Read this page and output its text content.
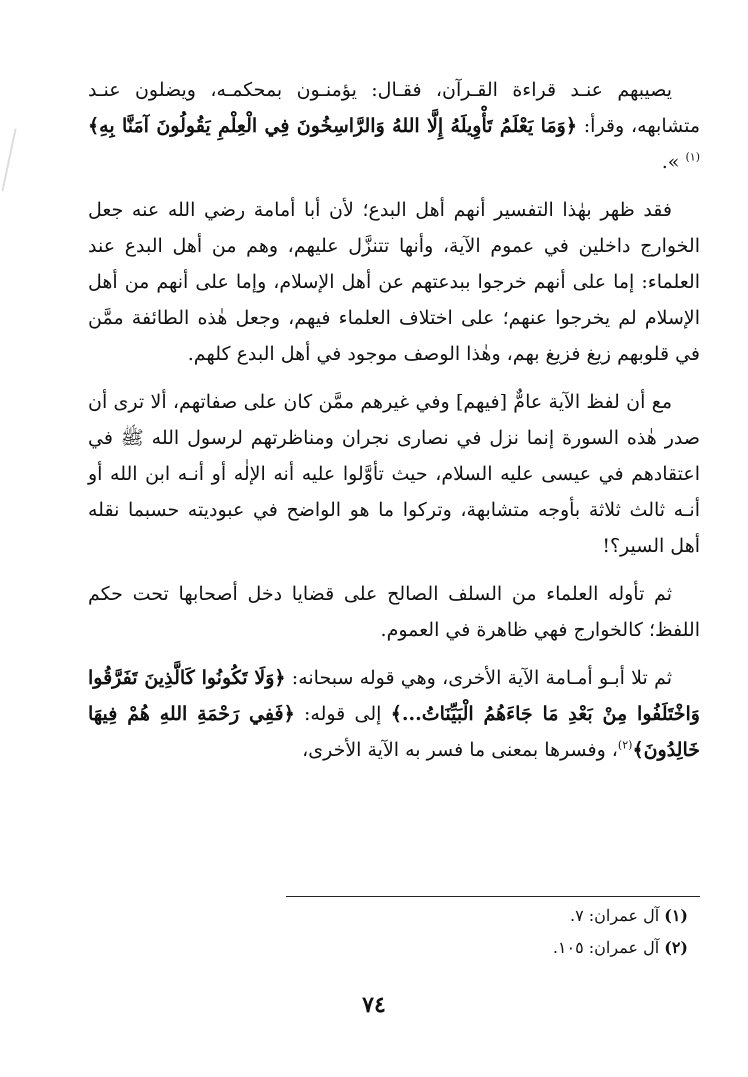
يصيبهم عنـد قراءة القـرآن، فقـال: يؤمنـون بمحكمـه، ويضلون عنـد متشابهه، وقرأ: ﴿وَمَا يَعْلَمُ تَأْوِيلَهُ إِلَّا اللهُ وَالرَّاسِخُونَ فِي الْعِلْمِ يَقُولُونَ آمَنَّا بِهِ﴾$^{(١)}$ ».

فقد ظهر بهٰذا التفسير أنهم أهل البدع؛ لأن أبا أمامة رضي الله عنه جعل الخوارج داخلين في عموم الآية، وأنها تتنزَّل عليهم، وهم من أهل البدع عند العلماء: إما على أنهم خرجوا ببدعتهم عن أهل الإسلام، وإما على أنهم من أهل الإسلام لم يخرجوا عنهم؛ على اختلاف العلماء فيهم، وجعل هٰذه الطائفة ممَّن في قلوبهم زيغ فزيغ بهم، وهٰذا الوصف موجود في أهل البدع كلهم.

مع أن لفظ الآية عامٌّ [فيهم] وفي غيرهم ممَّن كان على صفاتهم، ألا ترى أن صدر هٰذه السورة إنما نزل في نصارى نجران ومناظرتهم لرسول الله ﷺ في اعتقادهم في عيسى عليه السلام، حيث تأوَّلوا عليه أنه الإلٰه أو أنـه ابن الله أو أنـه ثالث ثلاثة بأوجه متشابهة، وتركوا ما هو الواضح في عبوديته حسبما نقله أهل السير؟!

ثم تأوله العلماء من السلف الصالح على قضايا دخل أصحابها تحت حكم اللفظ؛ كالخوارج فهي ظاهرة في العموم.

ثم تلا أبـو أمـامة الآية الأخرى، وهي قوله سبحانه: ﴿وَلَا تَكُونُوا كَالَّذِينَ تَفَرَّقُوا وَاخْتَلَفُوا مِنْ بَعْدِ مَا جَاءَهُمُ الْبَيِّنَاتُ...﴾ إلى قوله: ﴿فَفِي رَحْمَةِ اللهِ هُمْ فِيهَا خَالِدُونَ﴾$^{(٢)}$، وفسرها بمعنى ما فسر به الآية الأخرى،

(١) آل عمران: ٧.

(٢) آل عمران: ١٠٥.

٧٤
